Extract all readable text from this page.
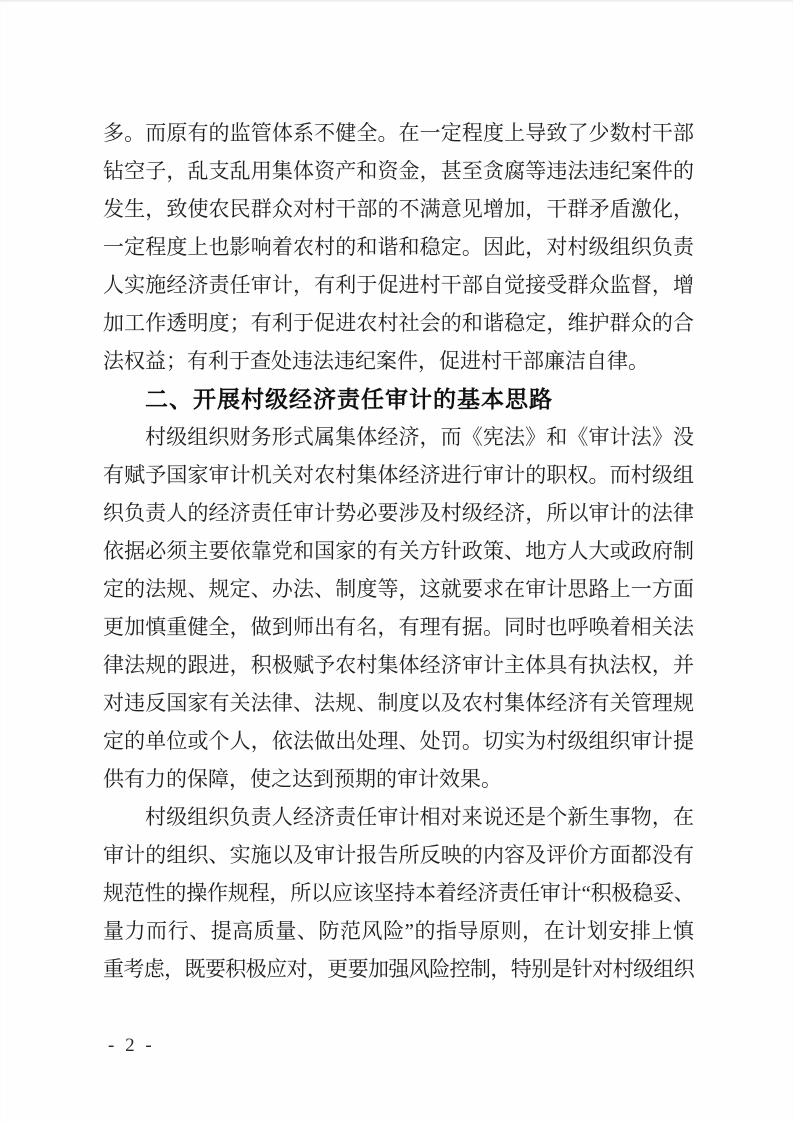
多。而原有的监管体系不健全。在一定程度上导致了少数村干部
钻空子，乱支乱用集体资产和资金，甚至贪腐等违法违纪案件的
发生，致使农民群众对村干部的不满意见增加，干群矛盾激化，
一定程度上也影响着农村的和谐和稳定。因此，对村级组织负责
人实施经济责任审计，有利于促进村干部自觉接受群众监督，增
加工作透明度；有利于促进农村社会的和谐稳定，维护群众的合
法权益；有利于查处违法违纪案件，促进村干部廉洁自律。
二、开展村级经济责任审计的基本思路
村级组织财务形式属集体经济，而《宪法》和《审计法》没
有赋予国家审计机关对农村集体经济进行审计的职权。而村级组
织负责人的经济责任审计势必要涉及村级经济，所以审计的法律
依据必须主要依靠党和国家的有关方针政策、地方人大或政府制
定的法规、规定、办法、制度等，这就要求在审计思路上一方面
更加慎重健全，做到师出有名，有理有据。同时也呼唤着相关法
律法规的跟进，积极赋予农村集体经济审计主体具有执法权，并
对违反国家有关法律、法规、制度以及农村集体经济有关管理规
定的单位或个人，依法做出处理、处罚。切实为村级组织审计提
供有力的保障，使之达到预期的审计效果。
村级组织负责人经济责任审计相对来说还是个新生事物，在
审计的组织、实施以及审计报告所反映的内容及评价方面都没有
规范性的操作规程，所以应该坚持本着经济责任审计“积极稳妥、
量力而行、提高质量、防范风险”的指导原则，在计划安排上慎
重考虑，既要积极应对，更要加强风险控制，特别是针对村级组织
- 2 -
